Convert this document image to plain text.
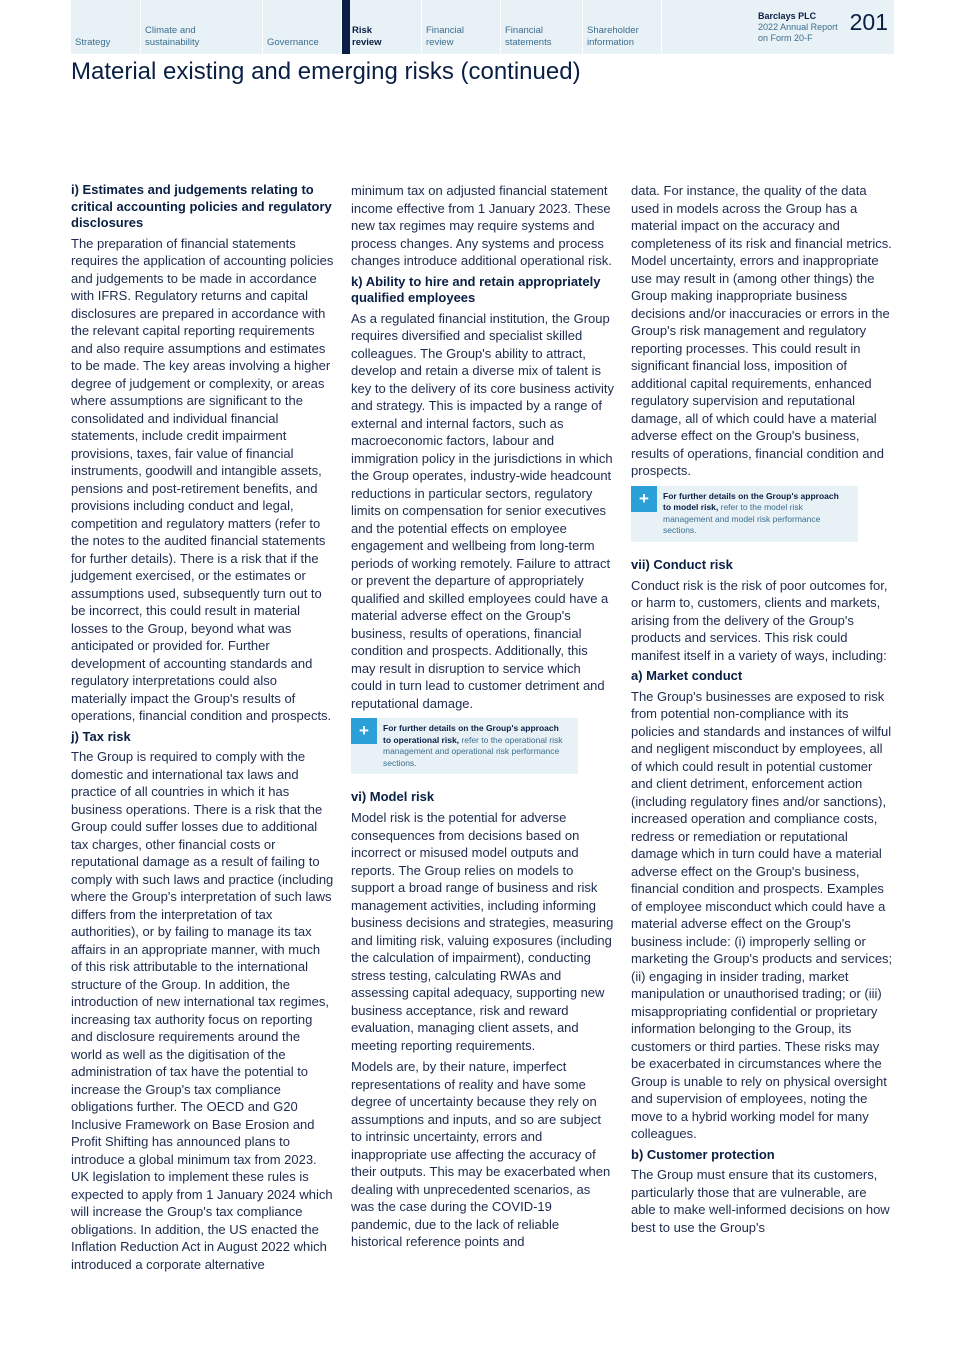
Strategy
Climate and
sustainability	Governance
Risk
review
Financial
review
Financial
statements
Shareholder
information
Barclays PLC
2022 Annual Report
on Form 20-F
201
Material existing and emerging risks (continued)
i) Estimates and judgements relating to critical accounting policies and regulatory disclosures

The preparation of financial statements requires the application of accounting policies and judgements to be made in accordance with IFRS. Regulatory returns and capital disclosures are prepared in accordance with the relevant capital reporting requirements and also require assumptions and estimates to be made. The key areas involving a higher degree of judgement or complexity, or areas where assumptions are significant to the consolidated and individual financial statements, include credit impairment provisions, taxes, fair value of financial instruments, goodwill and intangible assets, pensions and post-retirement benefits, and provisions including conduct and legal, competition and regulatory matters (refer to the notes to the audited financial statements for further details). There is a risk that if the judgement exercised, or the estimates or assumptions used, subsequently turn out to be incorrect, this could result in material losses to the Group, beyond what was anticipated or provided for. Further development of accounting standards and regulatory interpretations could also materially impact the Group's results of operations, financial condition and prospects.

j) Tax risk

The Group is required to comply with the domestic and international tax laws and practice of all countries in which it has business operations. There is a risk that the Group could suffer losses due to additional tax charges, other financial costs or reputational damage as a result of failing to comply with such laws and practice (including where the Group's interpretation of such laws differs from the interpretation of tax authorities), or by failing to manage its tax affairs in an appropriate manner, with much of this risk attributable to the international structure of the Group. In addition, the introduction of new international tax regimes, increasing tax authority focus on reporting and disclosure requirements around the world as well as the digitisation of the administration of tax have the potential to increase the Group's tax compliance obligations further. The OECD and G20 Inclusive Framework on Base Erosion and Profit Shifting has announced plans to introduce a global minimum tax from 2023. UK legislation to implement these rules is expected to apply from 1 January 2024 which will increase the Group's tax compliance obligations. In addition, the US enacted the Inflation Reduction Act in August 2022 which introduced a corporate alternative

minimum tax on adjusted financial statement income effective from 1 January 2023. These new tax regimes may require systems and process changes. Any systems and process changes introduce additional operational risk.

k) Ability to hire and retain appropriately qualified employees

As a regulated financial institution, the Group requires diversified and specialist skilled colleagues. The Group's ability to attract, develop and retain a diverse mix of talent is key to the delivery of its core business activity and strategy. This is impacted by a range of external and internal factors, such as macroeconomic factors, labour and immigration policy in the jurisdictions in which the Group operates, industry-wide headcount reductions in particular sectors, regulatory limits on compensation for senior executives and the potential effects on employee engagement and wellbeing from long-term periods of working remotely. Failure to attract or prevent the departure of appropriately qualified and skilled employees could have a material adverse effect on the Group's business, results of operations, financial condition and prospects. Additionally, this may result in disruption to service which could in turn lead to customer detriment and reputational damage.

+	For further details on the Group's approach to operational risk, refer to the operational risk management and operational risk performance sections.
vi) Model risk

Model risk is the potential for adverse consequences from decisions based on incorrect or misused model outputs and reports. The Group relies on models to support a broad range of business and risk management activities, including informing business decisions and strategies, measuring and limiting risk, valuing exposures (including the calculation of impairment), conducting stress testing, calculating RWAs and assessing capital adequacy, supporting new business acceptance, risk and reward evaluation, managing client assets, and meeting reporting requirements.

Models are, by their nature, imperfect representations of reality and have some degree of uncertainty because they rely on assumptions and inputs, and so are subject to intrinsic uncertainty, errors and inappropriate use affecting the accuracy of their outputs. This may be exacerbated when dealing with unprecedented scenarios, as was the case during the COVID-19 pandemic, due to the lack of reliable historical reference points and

data. For instance, the quality of the data used in models across the Group has a material impact on the accuracy and completeness of its risk and financial metrics. Model uncertainty, errors and inappropriate use may result in (among other things) the Group making inappropriate business decisions and/or inaccuracies or errors in the Group's risk management and regulatory reporting processes. This could result in significant financial loss, imposition of additional capital requirements, enhanced regulatory supervision and reputational damage, all of which could have a material adverse effect on the Group's business, results of operations, financial condition and prospects.

+	For further details on the Group's approach to model risk, refer to the model risk management and model risk performance sections.
vii) Conduct risk

Conduct risk is the risk of poor outcomes for, or harm to, customers, clients and markets, arising from the delivery of the Group's products and services. This risk could manifest itself in a variety of ways, including:

a) Market conduct

The Group's businesses are exposed to risk from potential non-compliance with its policies and standards and instances of wilful and negligent misconduct by employees, all of which could result in potential customer and client detriment, enforcement action (including regulatory fines and/or sanctions), increased operation and compliance costs, redress or remediation or reputational damage which in turn could have a material adverse effect on the Group's business, financial condition and prospects. Examples of employee misconduct which could have a material adverse effect on the Group's business include: (i) improperly selling or marketing the Group's products and services; (ii) engaging in insider trading, market manipulation or unauthorised trading; or (iii) misappropriating confidential or proprietary information belonging to the Group, its customers or third parties. These risks may be exacerbated in circumstances where the Group is unable to rely on physical oversight and supervision of employees, noting the move to a hybrid working model for many colleagues.

b) Customer protection

The Group must ensure that its customers, particularly those that are vulnerable, are able to make well-informed decisions on how best to use the Group's
